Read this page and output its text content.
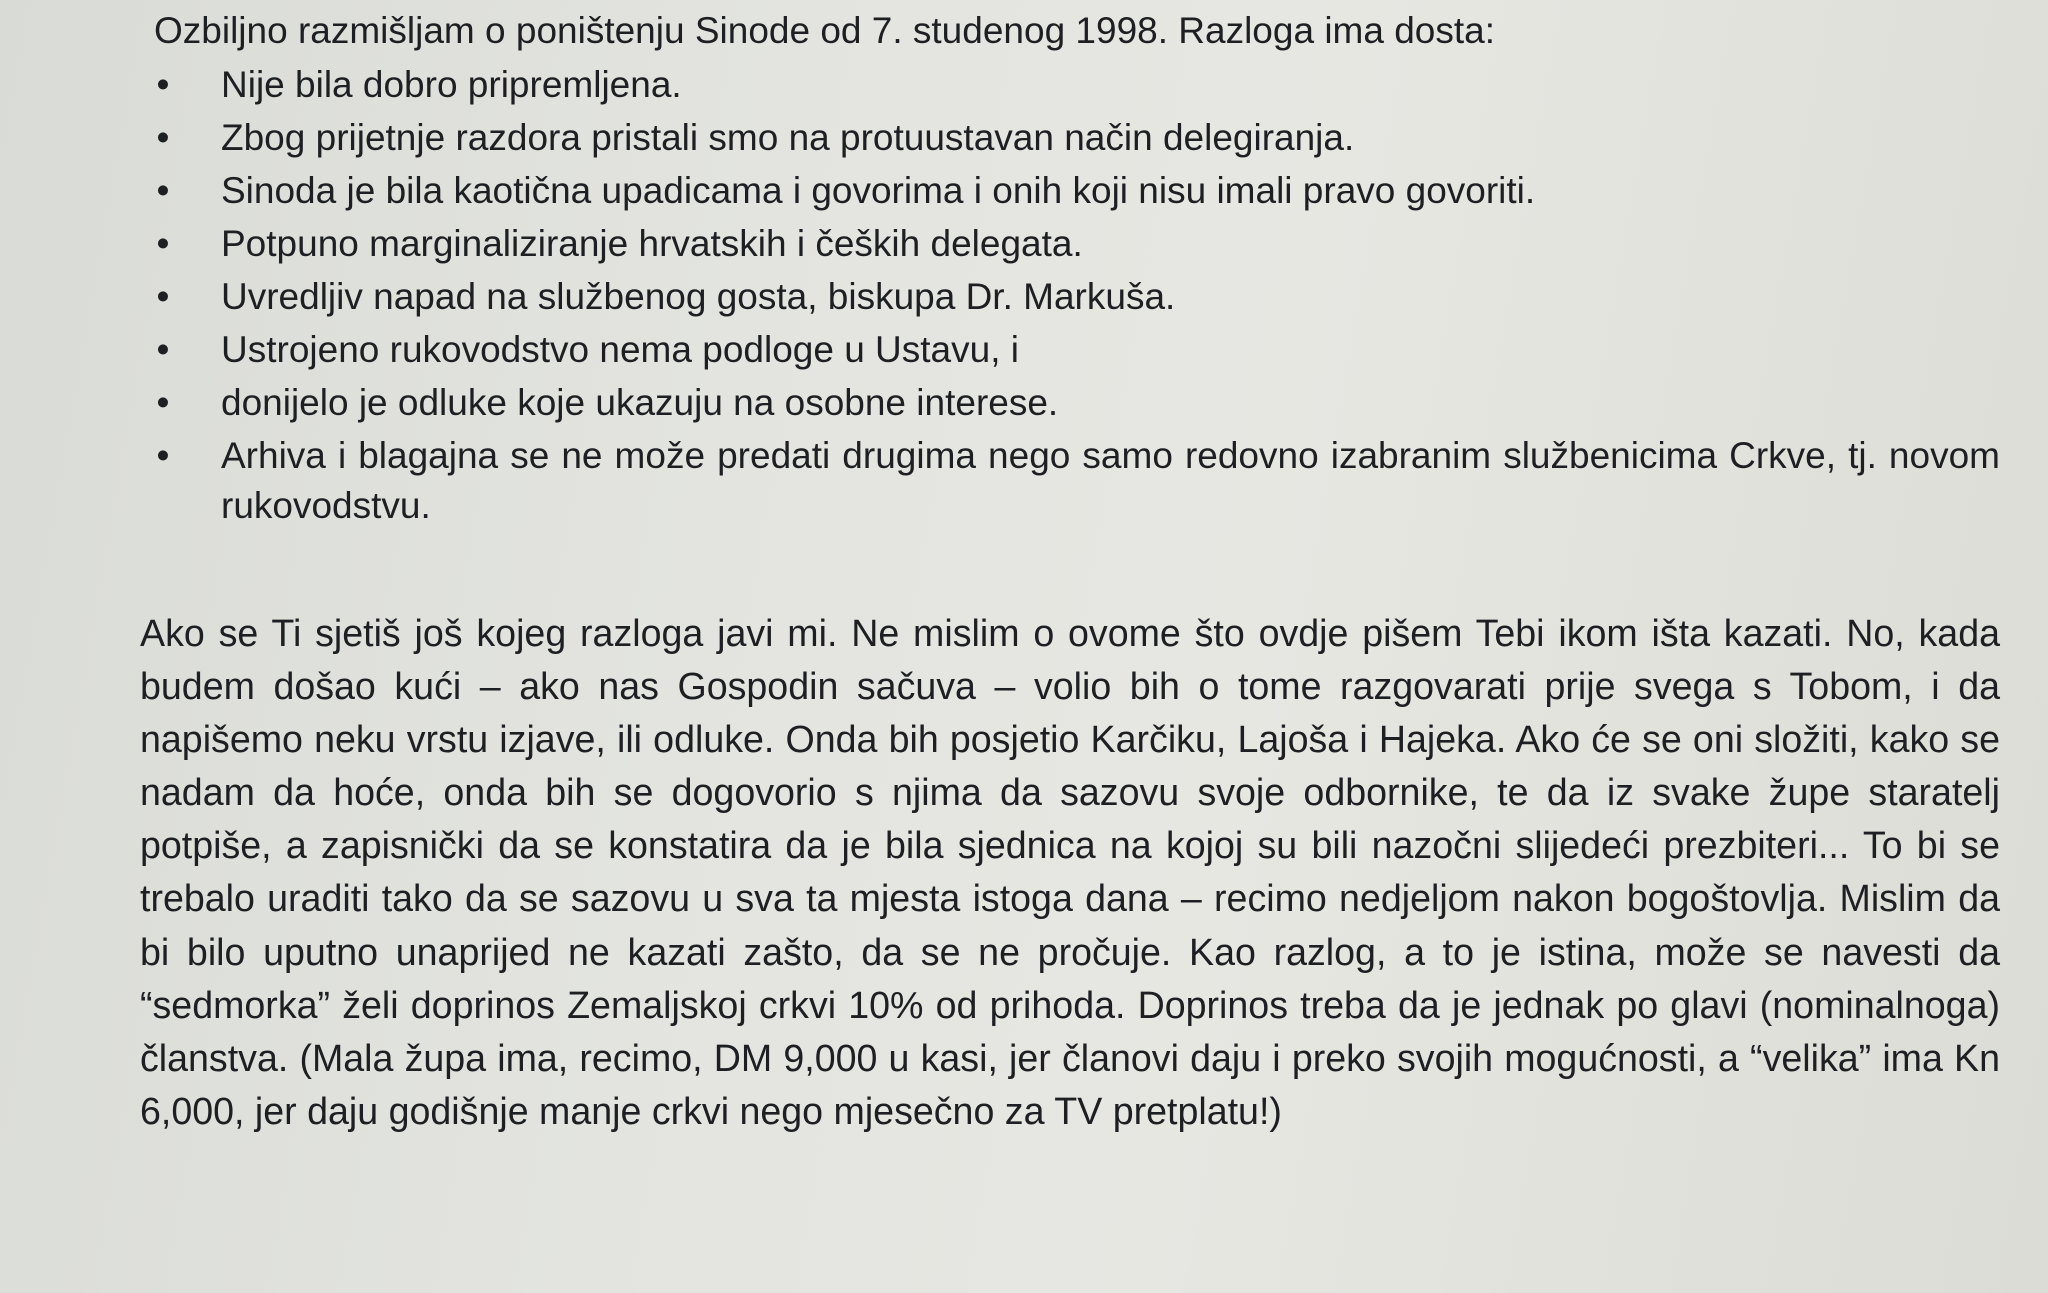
Ozbiljno razmišljam o poništenju Sinode od 7. studenog 1998. Razloga ima dosta:

• Nije bila dobro pripremljena.
• Zbog prijetnje razdora pristali smo na protuustavan način delegiranja.
• Sinoda je bila kaotična upadicama i govorima i onih koji nisu imali pravo govoriti.
• Potpuno marginaliziranje hrvatskih i čeških delegata.
• Uvredljiv napad na službenog gosta, biskupa Dr. Markuša.
• Ustrojeno rukovodstvo nema podloge u Ustavu, i
• donijelo je odluke koje ukazuju na osobne interese.
• Arhiva i blagajna se ne može predati drugima nego samo redovno izabranim službenicima Crkve, tj. novom rukovodstvu.

Ako se Ti sjetiš još kojeg razloga javi mi. Ne mislim o ovome što ovdje pišem Tebi ikom išta kazati. No, kada budem došao kući – ako nas Gospodin sačuva – volio bih o tome razgovarati prije svega s Tobom, i da napišemo neku vrstu izjave, ili odluke. Onda bih posjetio Karčiku, Lajoša i Hajeka. Ako će se oni složiti, kako se nadam da hoće, onda bih se dogovorio s njima da sazovu svoje odbornike, te da iz svake župe staratelj potpiše, a zapisnički da se konstatira da je bila sjednica na kojoj su bili nazočni slijedeći prezbiteri... To bi se trebalo uraditi tako da se sazovu u sva ta mjesta istoga dana – recimo nedjeljom nakon bogoštovlja. Mislim da bi bilo uputno unaprijed ne kazati zašto, da se ne pročuje. Kao razlog, a to je istina, može se navesti da “sedmorka” želi doprinos Zemaljskoj crkvi 10% od prihoda. Doprinos treba da je jednak po glavi (nominalnoga) članstva. (Mala župa ima, recimo, DM 9,000 u kasi, jer članovi daju i preko svojih mogućnosti, a “velika” ima Kn 6,000, jer daju godišnje manje crkvi nego mjesečno za TV pretplatu!)
